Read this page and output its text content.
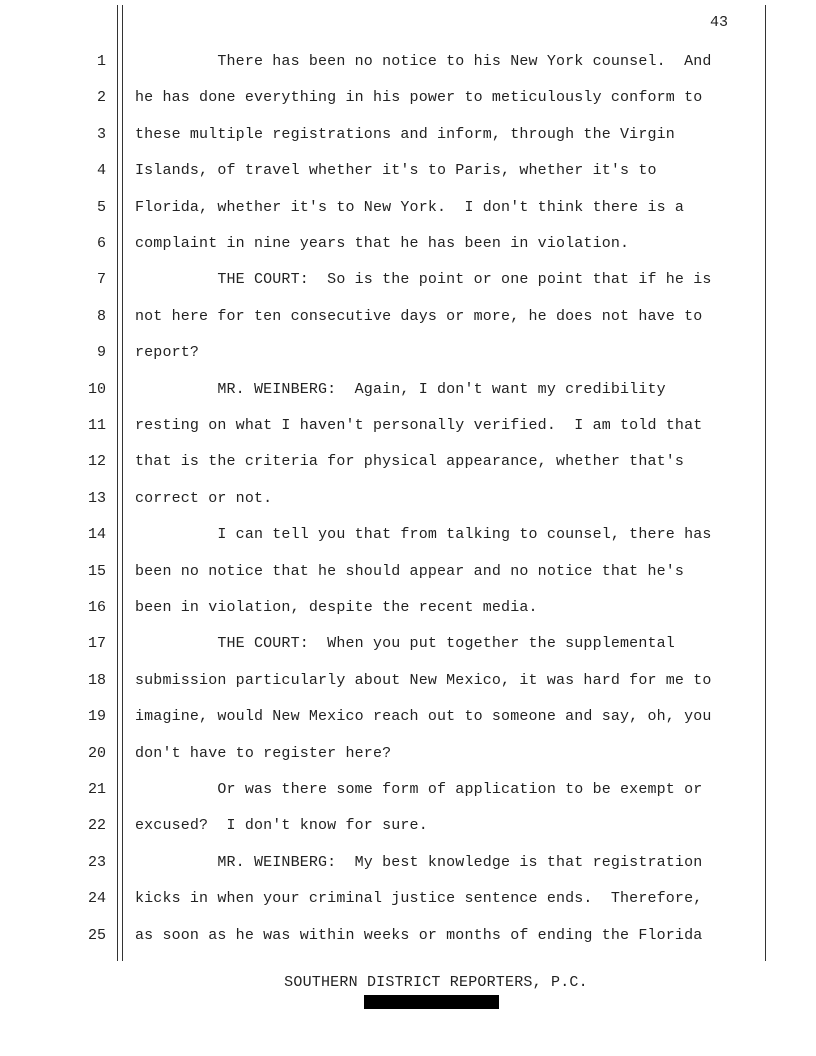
43
1 There has been no notice to his New York counsel.  And
2 he has done everything in his power to meticulously conform to
3 these multiple registrations and inform, through the Virgin
4 Islands, of travel whether it's to Paris, whether it's to
5 Florida, whether it's to New York.  I don't think there is a
6 complaint in nine years that he has been in violation.
7 THE COURT:  So is the point or one point that if he is
8 not here for ten consecutive days or more, he does not have to
9 report?
10 MR. WEINBERG:  Again, I don't want my credibility
11 resting on what I haven't personally verified.  I am told that
12 that is the criteria for physical appearance, whether that's
13 correct or not.
14 I can tell you that from talking to counsel, there has
15 been no notice that he should appear and no notice that he's
16 been in violation, despite the recent media.
17 THE COURT:  When you put together the supplemental
18 submission particularly about New Mexico, it was hard for me to
19 imagine, would New Mexico reach out to someone and say, oh, you
20 don't have to register here?
21 Or was there some form of application to be exempt or
22 excused?  I don't know for sure.
23 MR. WEINBERG:  My best knowledge is that registration
24 kicks in when your criminal justice sentence ends.  Therefore,
25 as soon as he was within weeks or months of ending the Florida
SOUTHERN DISTRICT REPORTERS, P.C.
